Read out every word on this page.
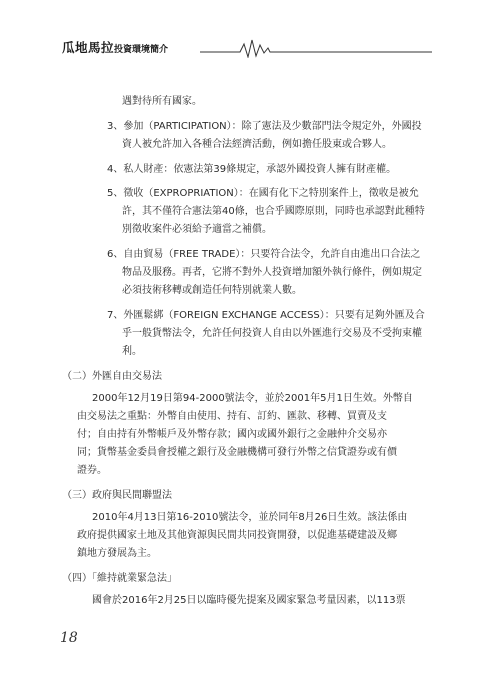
瓜地馬拉投資環境簡介
遇對待所有國家。
3、參加（PARTICIPATION）：除了憲法及少數部門法令規定外，外國投
資人被允許加入各種合法經濟活動，例如擔任股東或合夥人。
4、私人財產：依憲法第39條規定，承認外國投資人擁有財產權。
5、徵收（EXPROPRIATION）：在國有化下之特別案件上，徵收是被允
許，其不僅符合憲法第40條，也合乎國際原則，同時也承認對此種特
別徵收案件必須給予適當之補償。
6、自由貿易（FREE TRADE）：只要符合法令，允許自由進出口合法之
物品及服務。再者，它將不對外人投資增加額外執行條件，例如規定
必須技術移轉或創造任何特別就業人數。
7、外匯鬆綁（FOREIGN EXCHANGE ACCESS）：只要有足夠外匯及合
乎一般貨幣法令，允許任何投資人自由以外匯進行交易及不受拘束權
利。
（二）外匯自由交易法
2000年12月19日第94-2000號法令，並於2001年5月1日生效。外幣自
由交易法之重點：外幣自由使用、持有、訂約、匯款、移轉、買賣及支
付；自由持有外幣帳戶及外幣存款；國內或國外銀行之金融仲介交易亦
同；貨幣基金委員會授權之銀行及金融機構可發行外幣之信貸證券或有價
證券。
（三）政府與民間聯盟法
2010年4月13日第16-2010號法令，並於同年8月26日生效。該法係由
政府提供國家土地及其他資源與民間共同投資開發，以促進基礎建設及鄉
鎮地方發展為主。
（四）「維持就業緊急法」
國會於2016年2月25日以臨時優先提案及國家緊急考量因素，以113票
18
